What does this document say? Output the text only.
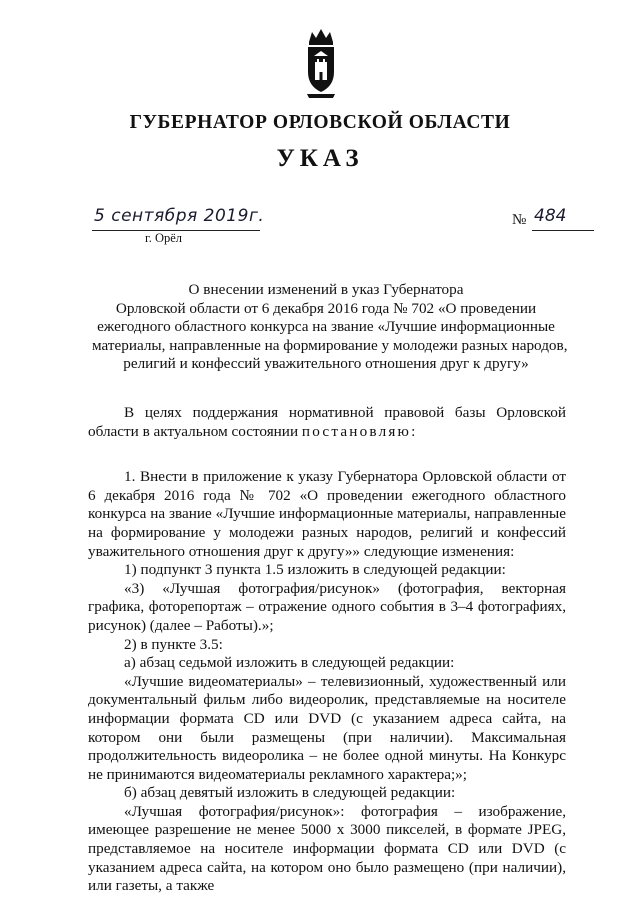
ГУБЕРНАТОР ОРЛОВСКОЙ ОБЛАСТИ
УКАЗ
5 сентября 2019г.
г. Орёл
№ 484
О внесении изменений в указ Губернатора
Орловской области от 6 декабря 2016 года № 702 «О проведении
ежегодного областного конкурса на звание «Лучшие информационные
материалы, направленные на формирование у молодежи разных народов,
религий и конфессий уважительного отношения друг к другу»

В целях поддержания нормативной правовой базы Орловской области в актуальном состоянии постановляю:

1. Внести в приложение к указу Губернатора Орловской области от 6 декабря 2016 года № 702 «О проведении ежегодного областного конкурса на звание «Лучшие информационные материалы, направленные на формирование у молодежи разных народов, религий и конфессий уважительного отношения друг к другу»» следующие изменения:

1) подпункт 3 пункта 1.5 изложить в следующей редакции:

«3) «Лучшая фотография/рисунок» (фотография, векторная графика, фоторепортаж – отражение одного события в 3–4 фотографиях, рисунок) (далее – Работы).»;

2) в пункте 3.5:

а) абзац седьмой изложить в следующей редакции:

«Лучшие видеоматериалы» – телевизионный, художественный или документальный фильм либо видеоролик, представляемые на носителе информации формата CD или DVD (с указанием адреса сайта, на котором они были размещены (при наличии). Максимальная продолжительность видеоролика – не более одной минуты. На Конкурс не принимаются видеоматериалы рекламного характера;»;

б) абзац девятый изложить в следующей редакции:

«Лучшая фотография/рисунок»: фотография – изображение, имеющее разрешение не менее 5000 х 3000 пикселей, в формате JPEG, представляемое на носителе информации формата CD или DVD (с указанием адреса сайта, на котором оно было размещено (при наличии), или газеты, а также
